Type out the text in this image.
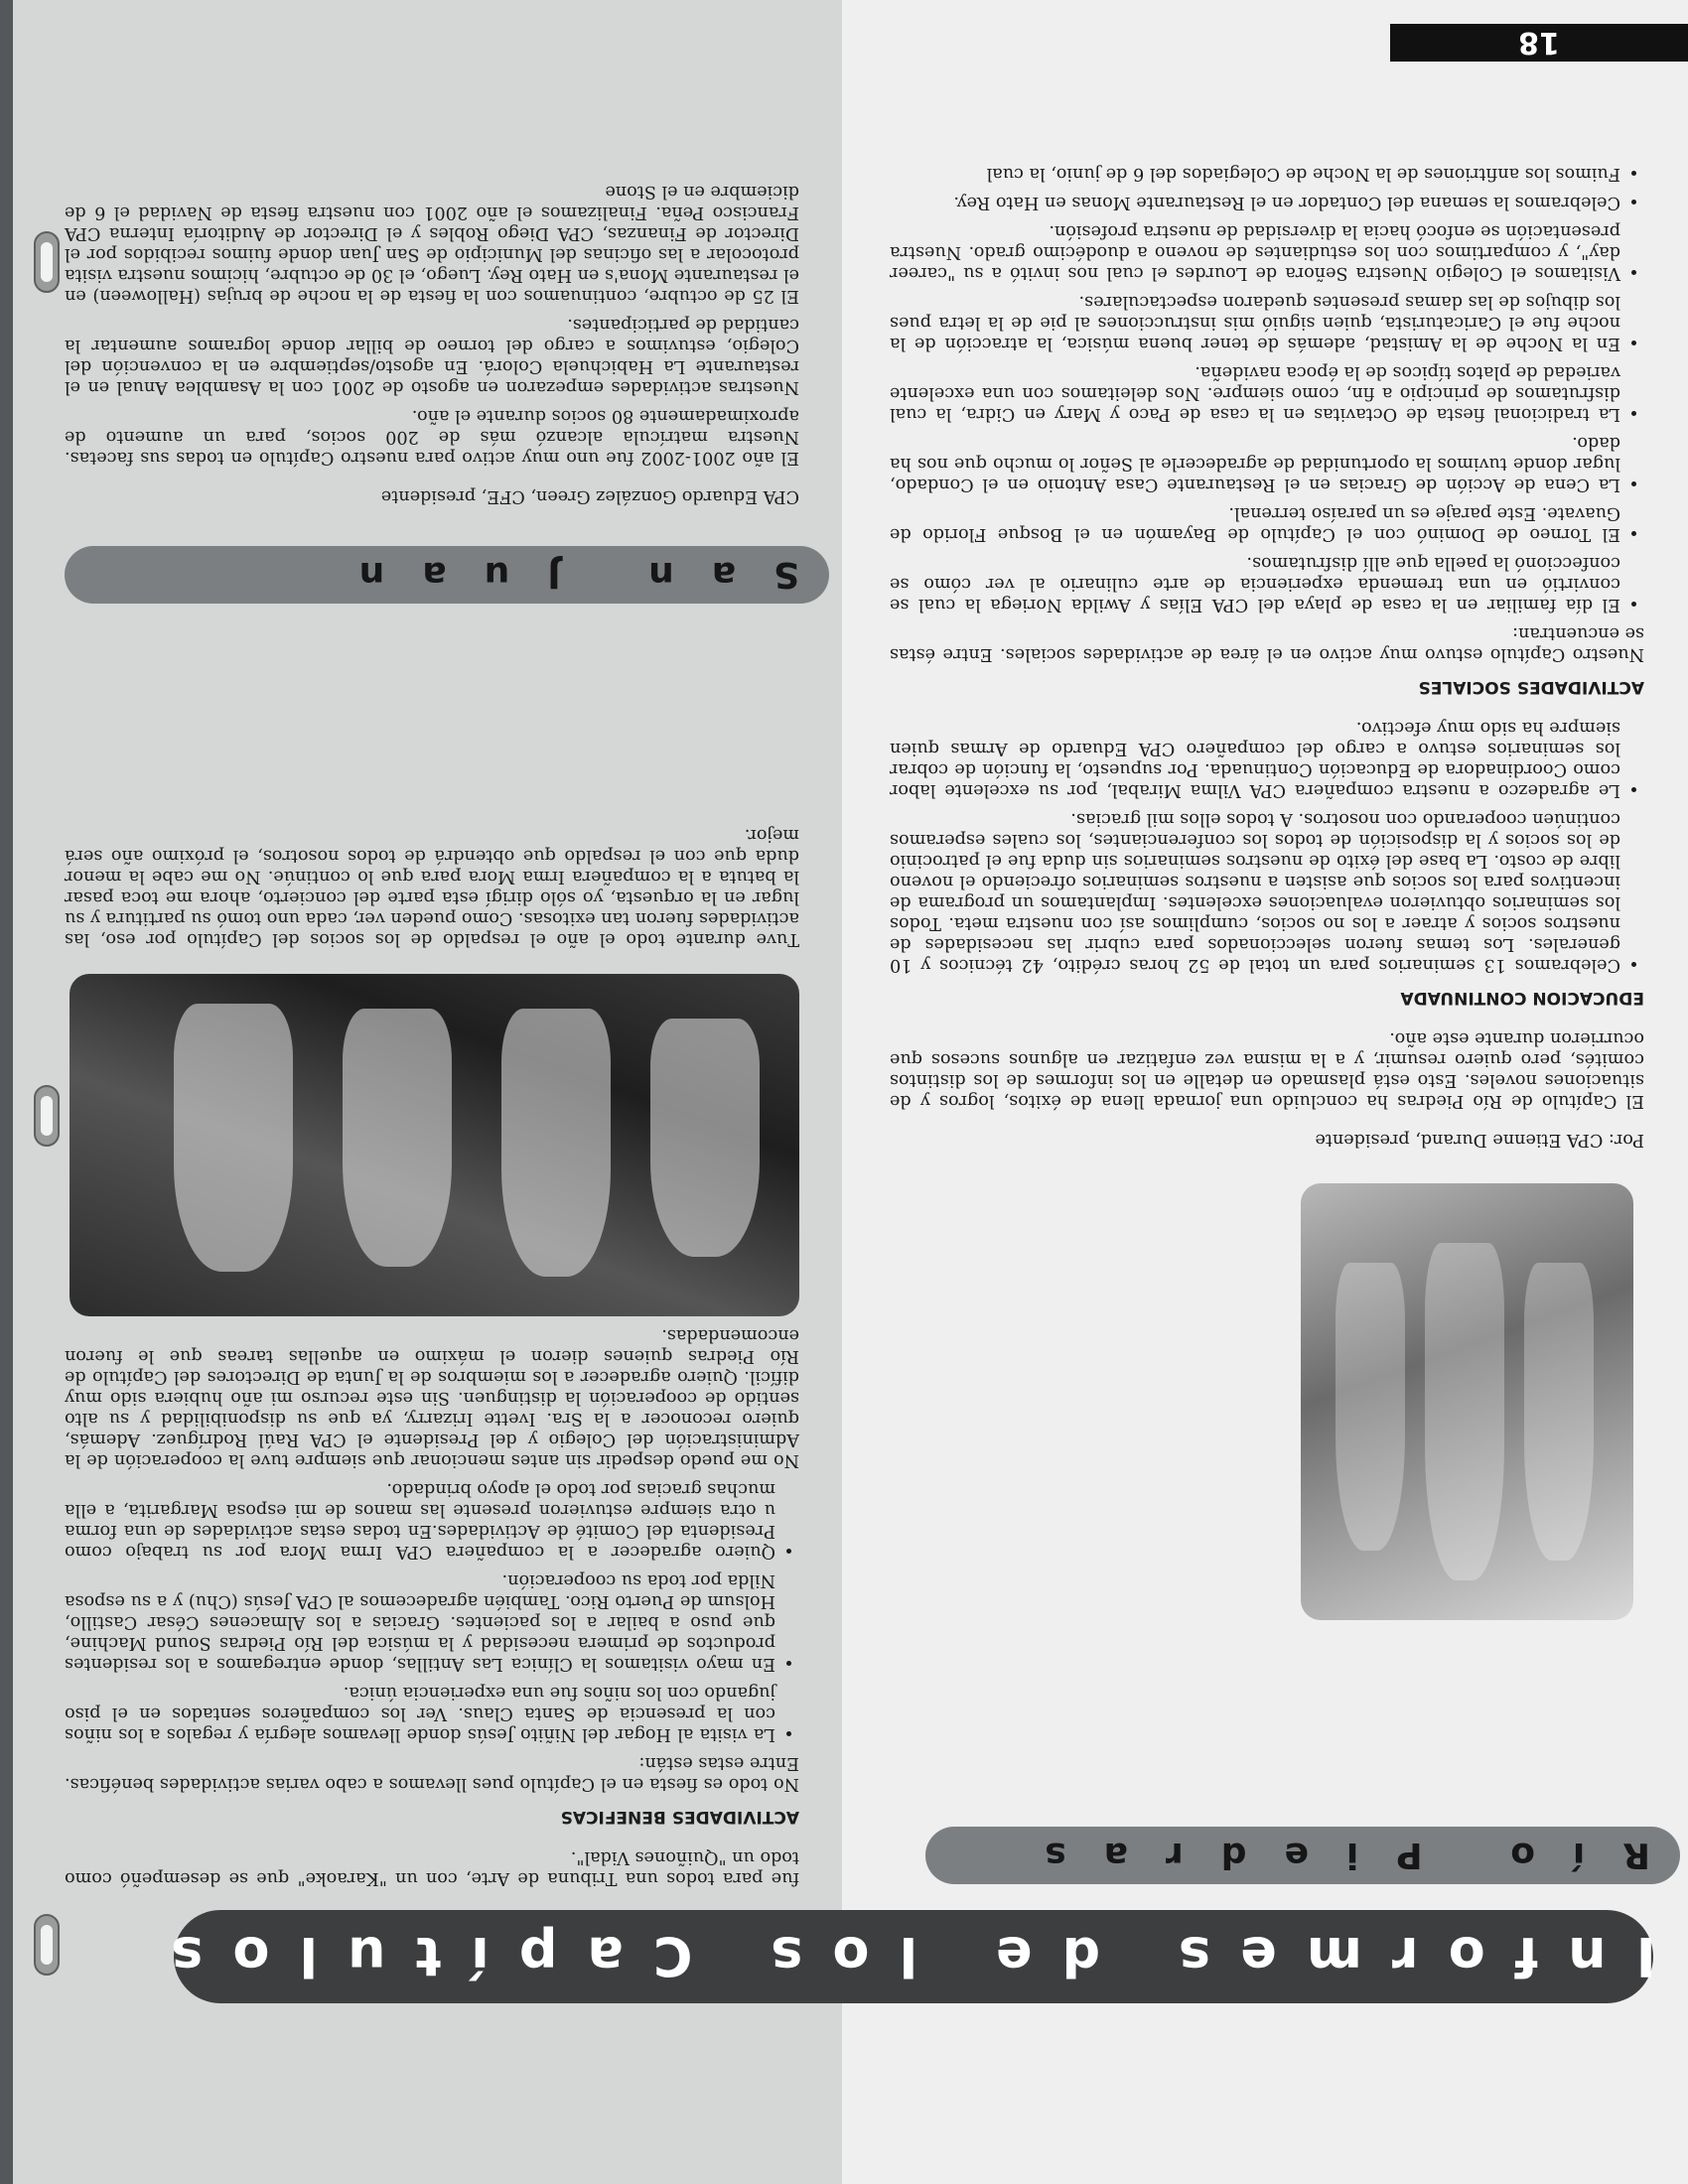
Informes de los Capítulos
Río Piedras

Por: CPA Etienne Durand, presidente

El Capítulo de Río Piedras ha concluido una jornada llena de éxitos, logros y de situaciones noveles. Esto está plasmado en detalle en los informes de los distintos comités, pero quiero resumir, y a la misma vez enfatizar en algunos sucesos que ocurrieron durante este año.

EDUCACION CONTINUADA

• Celebramos 13 seminarios para un total de 52 horas crédito, 42 técnicos y 10 generales. Los temas fueron seleccionados para cubrir las necesidades de nuestros socios y atraer a los no socios, cumplimos así con nuestra meta. Todos los seminarios obtuvieron evaluaciones excelentes. Implantamos un programa de incentivos para los socios que asisten a nuestros seminarios ofreciendo el noveno libre de costo. La base del éxito de nuestros seminarios sin duda fue el patrocinio de los socios y la disposición de todos los conferenciantes, los cuales esperamos continúen cooperando con nosotros. A todos ellos mil gracias.
• Le agradezco a nuestra compañera CPA Vilma Mirabal, por su excelente labor como Coordinadora de Educación Continuada. Por supuesto, la función de cobrar los seminarios estuvo a cargo del compañero CPA Eduardo de Armas quien siempre ha sido muy efectivo.

ACTIVIDADES SOCIALES

Nuestro Capítulo estuvo muy activo en el área de actividades sociales. Entre éstas se encuentran:

• El día familiar en la casa de playa del CPA Elías y Awilda Noriega la cual se convirtió en una tremenda experiencia de arte culinario al ver cómo se confeccionó la paella que allí disfrutamos.
• El Torneo de Dominó con el Capítulo de Bayamón en el Bosque Florido de Guavate. Este paraje es un paraíso terrenal.
• La Cena de Acción de Gracias en el Restaurante Casa Antonio en el Condado, lugar donde tuvimos la oportunidad de agradecerle al Señor lo mucho que nos ha dado.
• La tradicional fiesta de Octavitas en la casa de Paco y Mary en Cidra, la cual disfrutamos de principio a fin, como siempre. Nos deleitamos con una excelente variedad de platos típicos de la época navideña.
• En la Noche de la Amistad, además de tener buena música, la atracción de la noche fue el Caricaturista, quien siguió mis instrucciones al pie de la letra pues los dibujos de las damas presentes quedaron espectaculares.
• Visitamos el Colegio Nuestra Señora de Lourdes el cual nos invitó a su "career day", y compartimos con los estudiantes de noveno a duodécimo grado. Nuestra presentación se enfocó hacia la diversidad de nuestra profesión.
• Celebramos la semana del Contador en el Restaurante Monas en Hato Rey.
• Fuimos los anfitriones de la Noche de Colegiados del 6 de junio, la cual

fue para todos una Tribuna de Arte, con un "Karaoke" que se desempeñó como todo un "Quiñones Vidal".

ACTIVIDADES BENEFICAS

No todo es fiesta en el Capítulo pues llevamos a cabo varias actividades benéficas. Entre estas están:

• La visita al Hogar del Niñito Jesús donde llevamos alegría y regalos a los niños con la presencia de Santa Claus. Ver los compañeros sentados en el piso jugando con los niños fue una experiencia única.
• En mayo visitamos la Clínica Las Antillas, donde entregamos a los residentes productos de primera necesidad y la música del Río Piedras Sound Machine, que puso a bailar a los pacientes. Gracias a los Almacenes César Castillo, Holsum de Puerto Rico. También agradecemos al CPA Jesús (Chu) y a su esposa Nilda por toda su cooperación.
• Quiero agradecer a la compañera CPA Irma Mora por su trabajo como Presidenta del Comité de Actividades.En todas estas actividades de una forma u otra siempre estuvieron presente las manos de mi esposa Margarita, a ella muchas gracias por todo el apoyo brindado.

No me puedo despedir sin antes mencionar que siempre tuve la cooperación de la Administración del Colegio y del Presidente el CPA Raúl Rodríguez. Además, quiero reconocer a la Sra. Ivette Irizarry, ya que su disponibilidad y su alto sentido de cooperación la distinguen. Sin este recurso mi año hubiera sido muy difícil. Quiero agradecer a los miembros de la Junta de Directores del Capítulo de Río Piedras quienes dieron el máximo en aquellas tareas que le fueron encomendadas.

Tuve durante todo el año el respaldo de los socios del Capítulo por eso, las actividades fueron tan exitosas. Como pueden ver, cada uno tomó su partitura y su lugar en la orquesta, yo sólo dirigí esta parte del concierto, ahora me toca pasar la batuta a la compañera Irma Mora para que lo continúe. No me cabe la menor duda que con el respaldo que obtendrá de todos nosotros, el próximo año será mejor.

San Juan

CPA Eduardo González Green, CFE, presidente

El año 2001-2002 fue uno muy activo para nuestro Capítulo en todas sus facetas. Nuestra matrícula alcanzó más de 200 socios, para un aumento de aproximadamente 80 socios durante el año.

Nuestras actividades empezaron en agosto de 2001 con la Asamblea Anual en el restaurante La Habichuela Colorá. En agosto/septiembre en la convención del Colegio, estuvimos a cargo del torneo de billar donde logramos aumentar la cantidad de participantes.

El 25 de octubre, continuamos con la fiesta de la noche de brujas (Halloween) en el restaurante Mona's en Hato Rey. Luego, el 30 de octubre, hicimos nuestra visita protocolar a las oficinas del Municipio de San Juan donde fuimos recibidos por el Director de Finanzas, CPA Diego Robles y el Director de Auditoría Interna CPA Francisco Peña. Finalizamos el año 2001 con nuestra fiesta de Navidad el 6 de diciembre en el Stone

18
